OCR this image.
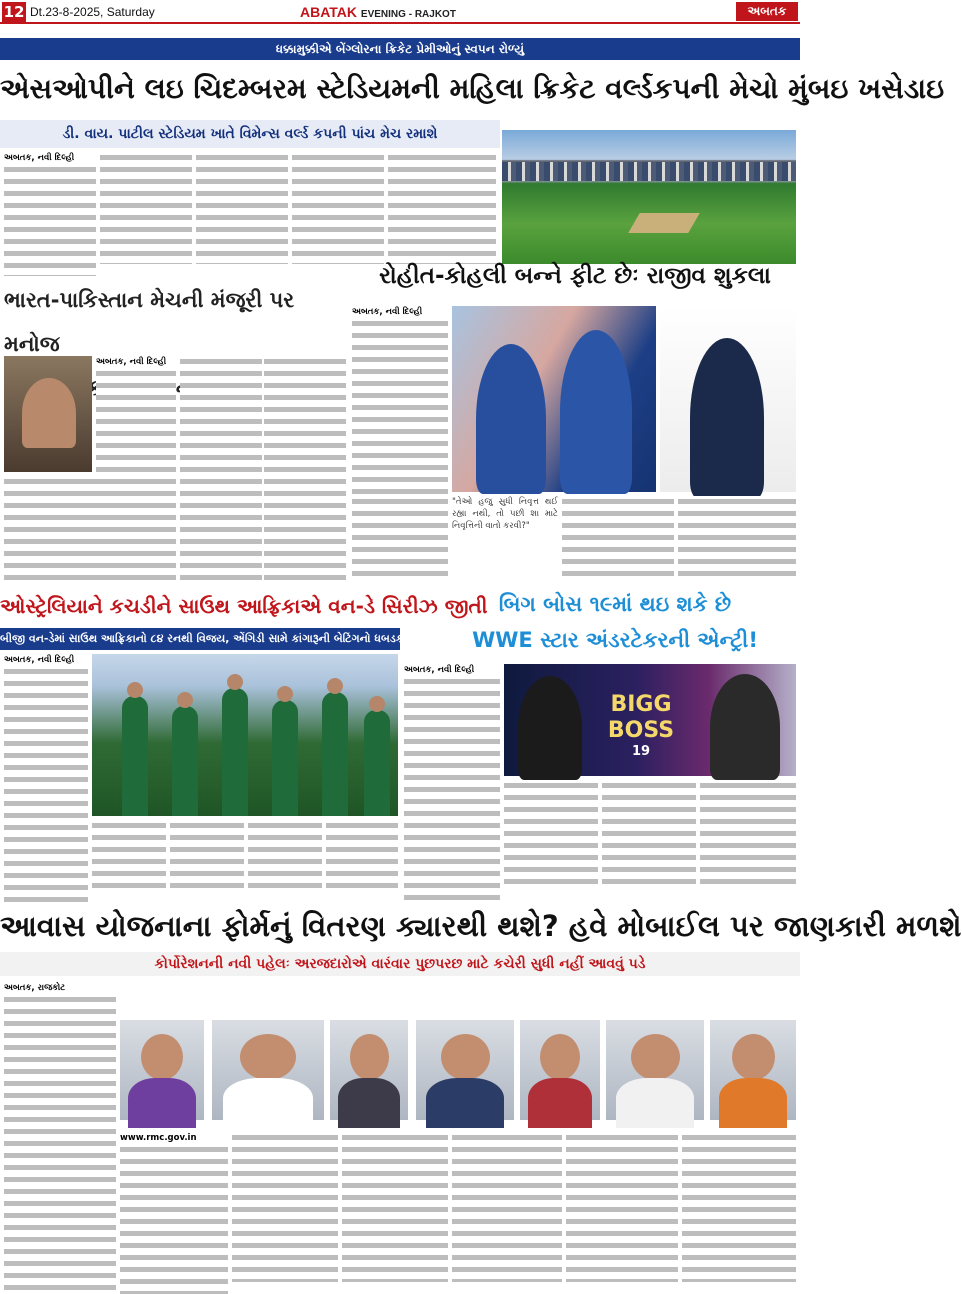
12 Dt.23-8-2025, Saturday	ABATAK EVENING - RAJKOT	અબતક
ધક્કામુક્કીએ બેંગ્લોરના ક્રિકેટ પ્રેમીઓનું સ્વપન રોળ્યું
એસઓપીને લઇ ચિદમ્બરમ સ્ટેડિયમની મહિલા ક્રિકેટ વર્લ્ડકપની મેચો મુંબઇ ખસેડાઇ
ડી. વાય. પાટીલ સ્ટેડિયમ ખાતે વિમેન્સ વર્લ્ડ કપની પાંચ મેચ રમાશે
અબતક, નવી દિલ્હી
ભારત-પાકિસ્તાન મેચની મંજૂરી પર મનોજ
અબતક, નવી દિલ્હી
રોહીત-કોહલી બન્ને ફીટ છેઃ રાજીવ શુકલા
અબતક, નવી દિલ્હી
"તેઓ હજુ સુધી નિવૃત્ત થઈ રહ્યા નથી, તો પછી શા માટે નિવૃત્તિની વાતો કરવી?"
ઓસ્ટ્રેલિયાને કચડીને સાઉથ આફ્રિકાએ વન-ડે સિરીઝ જીતી
બીજી વન-ડેમાં સાઉથ આફ્રિકાનો ૮૪ રનથી વિજય, એંગિડી સામે કાંગારૂની બેટિંગનો ધબડકો
અબતક, નવી દિલ્હી
બિગ બોસ ૧૯માં થઇ શકે છે
WWE સ્ટાર અંડરટેકરની એન્ટ્રી!
અબતક, નવી દિલ્હી
BIGG
BOSS
19
આવાસ યોજનાના ફોર્મનું વિતરણ ક્યારથી થશે? હવે મોબાઈલ પર જાણકારી મળશે
કોર્પોરેશનની નવી પહેલઃ અરજદારોએ વારંવાર પુછપરછ માટે કચેરી સુધી નહીં આવવું પડે
અબતક, રાજકોટ
www.rmc.gov.in
